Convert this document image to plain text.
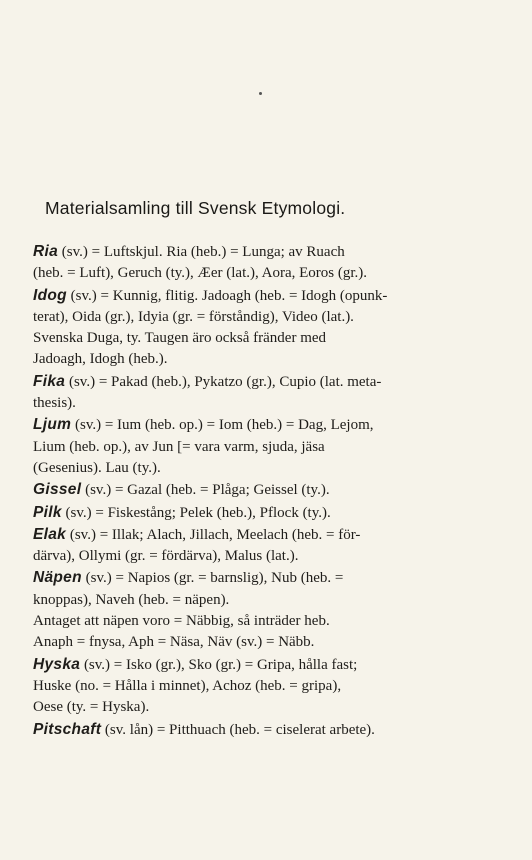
Materialsamling till Svensk Etymologi.
Ria (sv.) = Luftskjul. Ria (heb.) = Lunga; av Ruach
(heb. = Luft), Geruch (ty.), Æer (lat.), Aora, Eoros (gr.).
Idog (sv.) = Kunnig, flitig. Jadoagh (heb. = Idogh (opunk-
terat), Oida (gr.), Idyia (gr. = förståndig), Video (lat.).
Svenska Duga, ty. Taugen äro också fränder med
Jadoagh, Idogh (heb.).
Fika (sv.) = Pakad (heb.), Pykatzo (gr.), Cupio (lat. meta-
thesis).
Ljum (sv.) = Ium (heb. op.) = Iom (heb.) = Dag, Lejom,
Lium (heb. op.), av Jun [= vara varm, sjuda, jäsa
(Gesenius). Lau (ty.).
Gissel (sv.) = Gazal (heb. = Plåga; Geissel (ty.).
Pilk (sv.) = Fiskestång; Pelek (heb.), Pflock (ty.).
Elak (sv.) = Illak; Alach, Jillach, Meelach (heb. = för-
därva), Ollymi (gr. = fördärva), Malus (lat.).
Näpen (sv.) = Napios (gr. = barnslig), Nub (heb. =
knoppas), Naveh (heb. = näpen).
Antaget att näpen voro = Näbbig, så inträder heb.
Anaph = fnysa, Aph = Näsa, Näv (sv.) = Näbb.
Hyska (sv.) = Isko (gr.), Sko (gr.) = Gripa, hålla fast;
Huske (no. = Hålla i minnet), Achoz (heb. = gripa),
Oese (ty. = Hyska).
Pitschaft (sv. lån) = Pitthuach (heb. = ciselerat arbete).
